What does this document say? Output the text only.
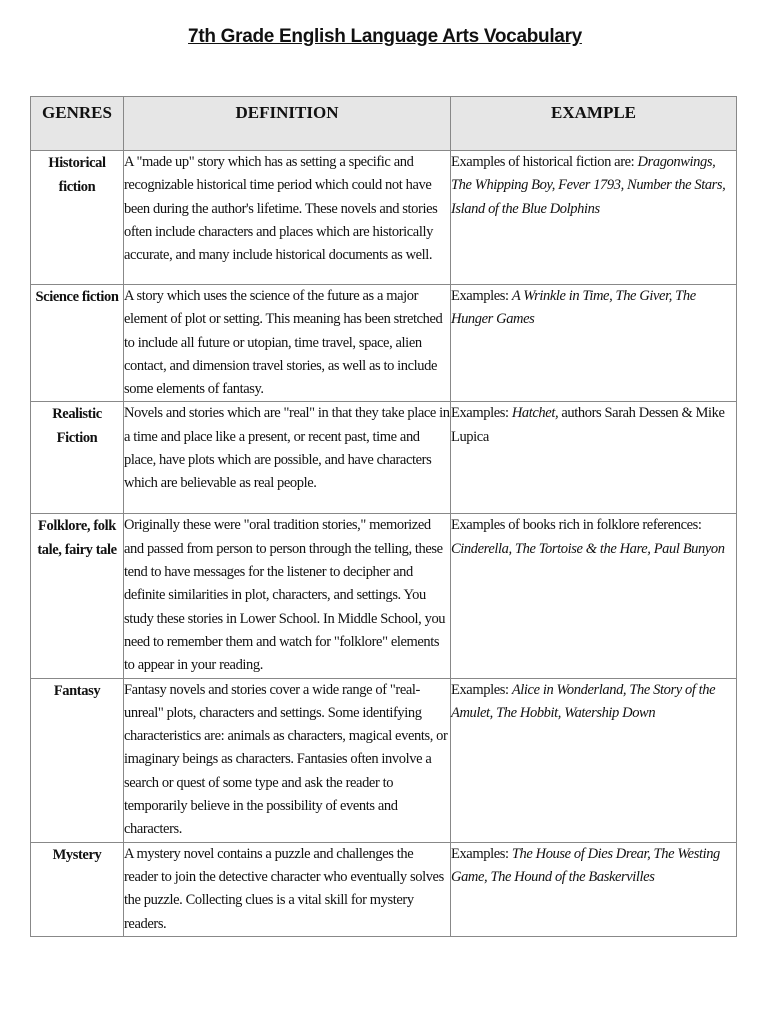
7th Grade English Language Arts Vocabulary
GENRES	DEFINITION	EXAMPLE
Historical fiction	A "made up" story which has as setting a specific and recognizable historical time period which could not have been during the author's lifetime. These novels and stories often include characters and places which are historically accurate, and many include historical documents as well.	Examples of historical fiction are: Dragonwings, The Whipping Boy, Fever 1793, Number the Stars, Island of the Blue Dolphins
Science fiction	A story which uses the science of the future as a major element of plot or setting. This meaning has been stretched to include all future or utopian, time travel, space, alien contact, and dimension travel stories, as well as to include some elements of fantasy.	Examples: A Wrinkle in Time, The Giver, The Hunger Games
Realistic Fiction	Novels and stories which are "real" in that they take place in a time and place like a present, or recent past, time and place, have plots which are possible, and have characters which are believable as real people.	Examples: Hatchet, authors Sarah Dessen & Mike Lupica
Folklore, folk tale, fairy tale	Originally these were "oral tradition stories," memorized and passed from person to person through the telling, these tend to have messages for the listener to decipher and definite similarities in plot, characters, and settings. You study these stories in Lower School. In Middle School, you need to remember them and watch for "folklore" elements to appear in your reading.	Examples of books rich in folklore references: Cinderella, The Tortoise & the Hare, Paul Bunyon
Fantasy	Fantasy novels and stories cover a wide range of "real-unreal" plots, characters and settings. Some identifying characteristics are: animals as characters, magical events, or imaginary beings as characters. Fantasies often involve a search or quest of some type and ask the reader to temporarily believe in the possibility of events and characters.	Examples: Alice in Wonderland, The Story of the Amulet, The Hobbit, Watership Down
Mystery	A mystery novel contains a puzzle and challenges the reader to join the detective character who eventually solves the puzzle. Collecting clues is a vital skill for mystery readers.	Examples: The House of Dies Drear, The Westing Game, The Hound of the Baskervilles
